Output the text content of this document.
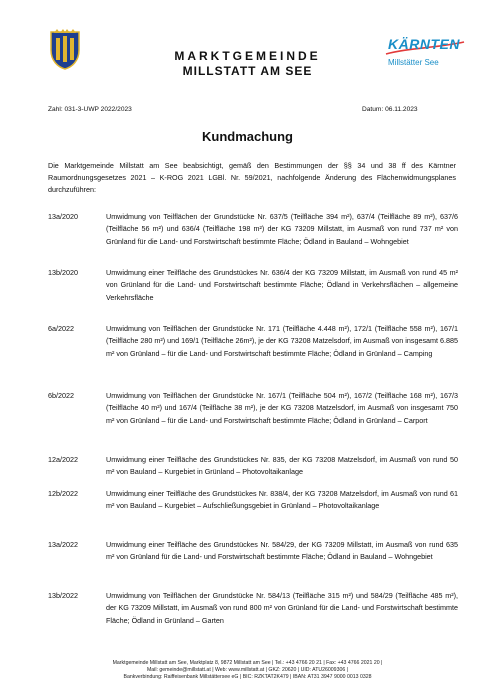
MARKTGEMEINDE
MILLSTATT AM SEE
KÄRNTEN
Millstätter See
Zahl: 031-3-UWP 2022/2023	Datum: 06.11.2023
Kundmachung
Die Marktgemeinde Millstatt am See beabsichtigt, gemäß den Bestimmungen der §§ 34 und 38 ff des Kärntner Raumordnungsgesetzes 2021 – K-ROG 2021 LGBl. Nr. 59/2021, nachfolgende Änderung des Flächenwidmungsplanes durchzuführen:
13a/2020	Umwidmung von Teilflächen der Grundstücke Nr. 637/5 (Teilfläche 394 m²), 637/4 (Teilfläche 89 m²), 637/6 (Teilfläche 56 m²) und 636/4 (Teilfläche 198 m²) der KG 73209 Millstatt, im Ausmaß von rund 737 m² von Grünland für die Land- und Forstwirtschaft bestimmte Fläche; Ödland in Bauland – Wohngebiet
13b/2020	Umwidmung einer Teilfläche des Grundstückes Nr. 636/4 der KG 73209 Millstatt, im Ausmaß von rund 45 m² von Grünland für die Land- und Forstwirtschaft bestimmte Fläche; Ödland in Verkehrsflächen – allgemeine Verkehrsfläche
6a/2022	Umwidmung von Teilflächen der Grundstücke Nr. 171 (Teilfläche 4.448 m²), 172/1 (Teilfläche 558 m²), 167/1 (Teilfläche 280 m²) und 169/1 (Teilfläche 26m²), je der KG 73208 Matzelsdorf, im Ausmaß von insgesamt 6.885 m² von Grünland – für die Land- und Forstwirtschaft bestimmte Fläche; Ödland in Grünland – Camping
6b/2022	Umwidmung von Teilflächen der Grundstücke Nr. 167/1 (Teilfläche 504 m²), 167/2 (Teilfläche 168 m²), 167/3 (Teilfläche 40 m²) und 167/4 (Teilfläche 38 m²), je der KG 73208 Matzelsdorf, im Ausmaß von insgesamt 750 m² von Grünland – für die Land- und Forstwirtschaft bestimmte Fläche; Ödland in Grünland – Carport
12a/2022	Umwidmung einer Teilfläche des Grundstückes Nr. 835, der KG 73208 Matzelsdorf, im Ausmaß von rund 50 m² von Bauland – Kurgebiet in Grünland – Photovoltaikanlage
12b/2022	Umwidmung einer Teilfläche des Grundstückes Nr. 838/4, der KG 73208 Matzelsdorf, im Ausmaß von rund 61 m² von Bauland – Kurgebiet – Aufschließungsgebiet in Grünland – Photovoltaikanlage
13a/2022	Umwidmung einer Teilfläche des Grundstückes Nr. 584/29, der KG 73209 Millstatt, im Ausmaß von rund 635 m² von Grünland für die Land- und Forstwirtschaft bestimmte Fläche; Ödland in Bauland – Wohngebiet
13b/2022	Umwidmung von Teilflächen der Grundstücke Nr. 584/13 (Teilfläche 315 m²) und 584/29 (Teilfläche 485 m²), der KG 73209 Millstatt, im Ausmaß von rund 800 m² von Grünland für die Land- und Forstwirtschaft bestimmte Fläche; Ödland in Grünland – Garten
Marktgemeinde Millstatt am See, Marktplatz 8, 9872 Millstatt am See | Tel.: +43 4766 20 21 | Fax: +43 4766 2021 20 |
Mail: gemeinde@millstatt.at | Web: www.millstatt.at | GKZ: 20620 | UID: ATU26009306 |
Bankverbindung: Raiffeisenbank Millstättersee eG | BIC: RZKTAT2K479 | IBAN: AT31 3947 9000 0013 0328
